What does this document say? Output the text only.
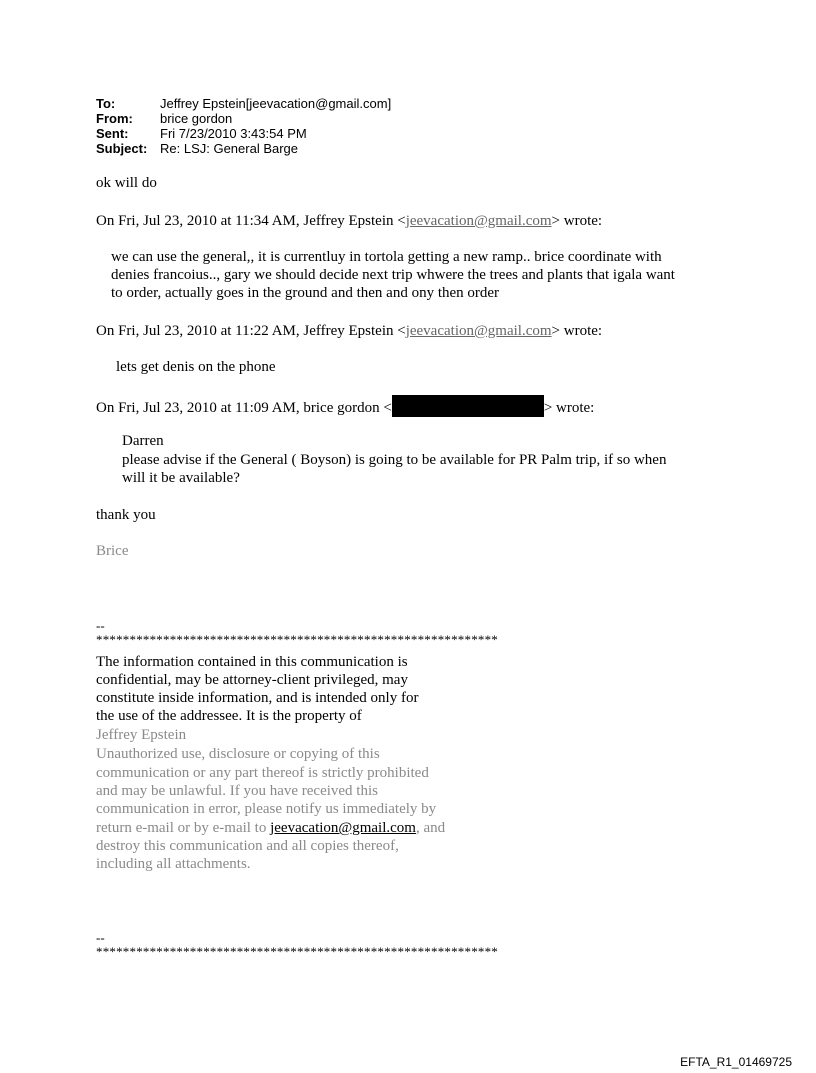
To:	Jeffrey Epstein[jeevacation@gmail.com]
From:	brice gordon
Sent:	Fri 7/23/2010 3:43:54 PM
Subject: Re: LSJ: General Barge
ok will do
On Fri, Jul 23, 2010 at 11:34 AM, Jeffrey Epstein <jeevacation@gmail.com> wrote:
we can use the general,, it is currentluy in tortola getting a new ramp.. brice coordinate with
denies francoius.., gary we should decide next trip whwere the trees and plants that igala want
to order, actually goes in the ground and then and ony then order
On Fri, Jul 23, 2010 at 11:22 AM, Jeffrey Epstein <jeevacation@gmail.com> wrote:
lets get denis on the phone
On Fri, Jul 23, 2010 at 11:09 AM, brice gordon <	> wrote:
Darren
please advise if the General ( Boyson) is going to be available for PR Palm trip, if so when
will it be available?
thank you
Brice
--
************************************************************
The information contained in this communication is
confidential, may be attorney-client privileged, may
constitute inside information, and is intended only for
the use of the addressee. It is the property of
Jeffrey Epstein
Unauthorized use, disclosure or copying of this
communication or any part thereof is strictly prohibited
and may be unlawful. If you have received this
communication in error, please notify us immediately by
return e-mail or by e-mail to jeevacation@gmail.com, and
destroy this communication and all copies thereof,
including all attachments.
--
************************************************************
EFTA_R1_01469725
